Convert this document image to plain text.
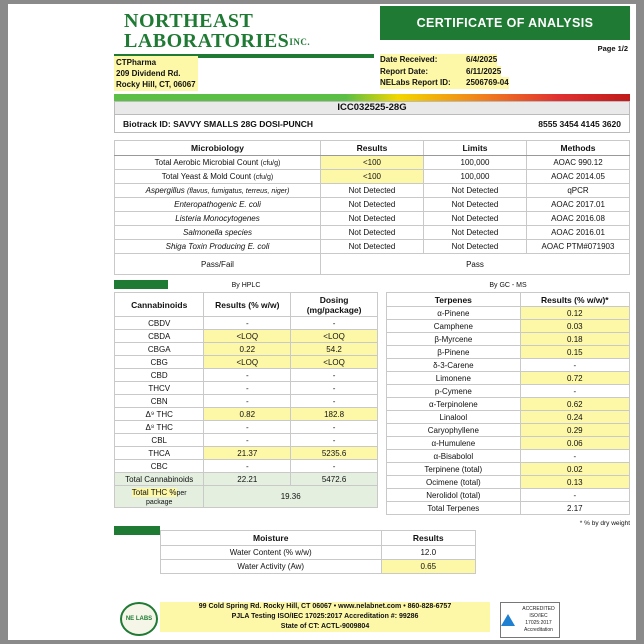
NORTHEAST
LABORATORIESINC.
CERTIFICATE OF ANALYSIS
Page 1/2
CTPharma
209 Dividend Rd.
Rocky Hill, CT, 06067
Date Received:	6/4/2025
Report Date:	6/11/2025
NELabs Report ID:	2506769-04
ICC032525-28G
Biotrack ID: SAVVY SMALLS 28G DOSI-PUNCH	8555 3454 4145 3620
Microbiology	Results	Limits	Methods
Total Aerobic Microbial Count (cfu/g)	<100	100,000	AOAC 990.12
Total Yeast & Mold Count (cfu/g)	<100	100,000	AOAC 2014.05
Aspergillus (flavus, fumigatus, terreus, niger)	Not Detected	Not Detected	qPCR
Enteropathogenic E. coli	Not Detected	Not Detected	AOAC 2017.01
Listeria Monocytogenes	Not Detected	Not Detected	AOAC 2016.08
Salmonella species	Not Detected	Not Detected	AOAC 2016.01
Shiga Toxin Producing E. coli	Not Detected	Not Detected	AOAC PTM#071903
Pass/Fail	Pass		
By HPLC
Cannabinoids	Results (% w/w)	Dosing (mg/package)
CBDV	-	-
CBDA	<LOQ	<LOQ
CBGA	0.22	54.2
CBG	<LOQ	<LOQ
CBD	-	-
THCV	-	-
CBN	-	-
Δ⁹ THC	0.82	182.8
Δ⁸ THC	-	-
CBL	-	-
THCA	21.37	5235.6
CBC	-	-
Total Cannabinoids	22.21	5472.6
Total THC %per package	19.36	
By GC - MS
Terpenes	Results (% w/w)*
α-Pinene	0.12
Camphene	0.03
β-Myrcene	0.18
β-Pinene	0.15
δ-3-Carene	-
Limonene	0.72
p-Cymene	-
α-Terpinolene	0.62
Linalool	0.24
Caryophyllene	0.29
α-Humulene	0.06
α-Bisabolol	-
Terpinene (total)	0.02
Ocimene (total)	0.13
Nerolidol (total)	-
Total Terpenes	2.17
* % by dry weight
Moisture	Results
Water Content (% w/w)	12.0
Water Activity (Aw)	0.65
NE LABS
99 Cold Spring Rd. Rocky Hill, CT 06067 • www.nelabnet.com • 860-828-6757
PJLA Testing ISO/IEC 17025:2017 Accreditation #: 99286
State of CT: ACTL-9009804
ACCREDITED
ISO/IEC 17025:2017
Accreditation
